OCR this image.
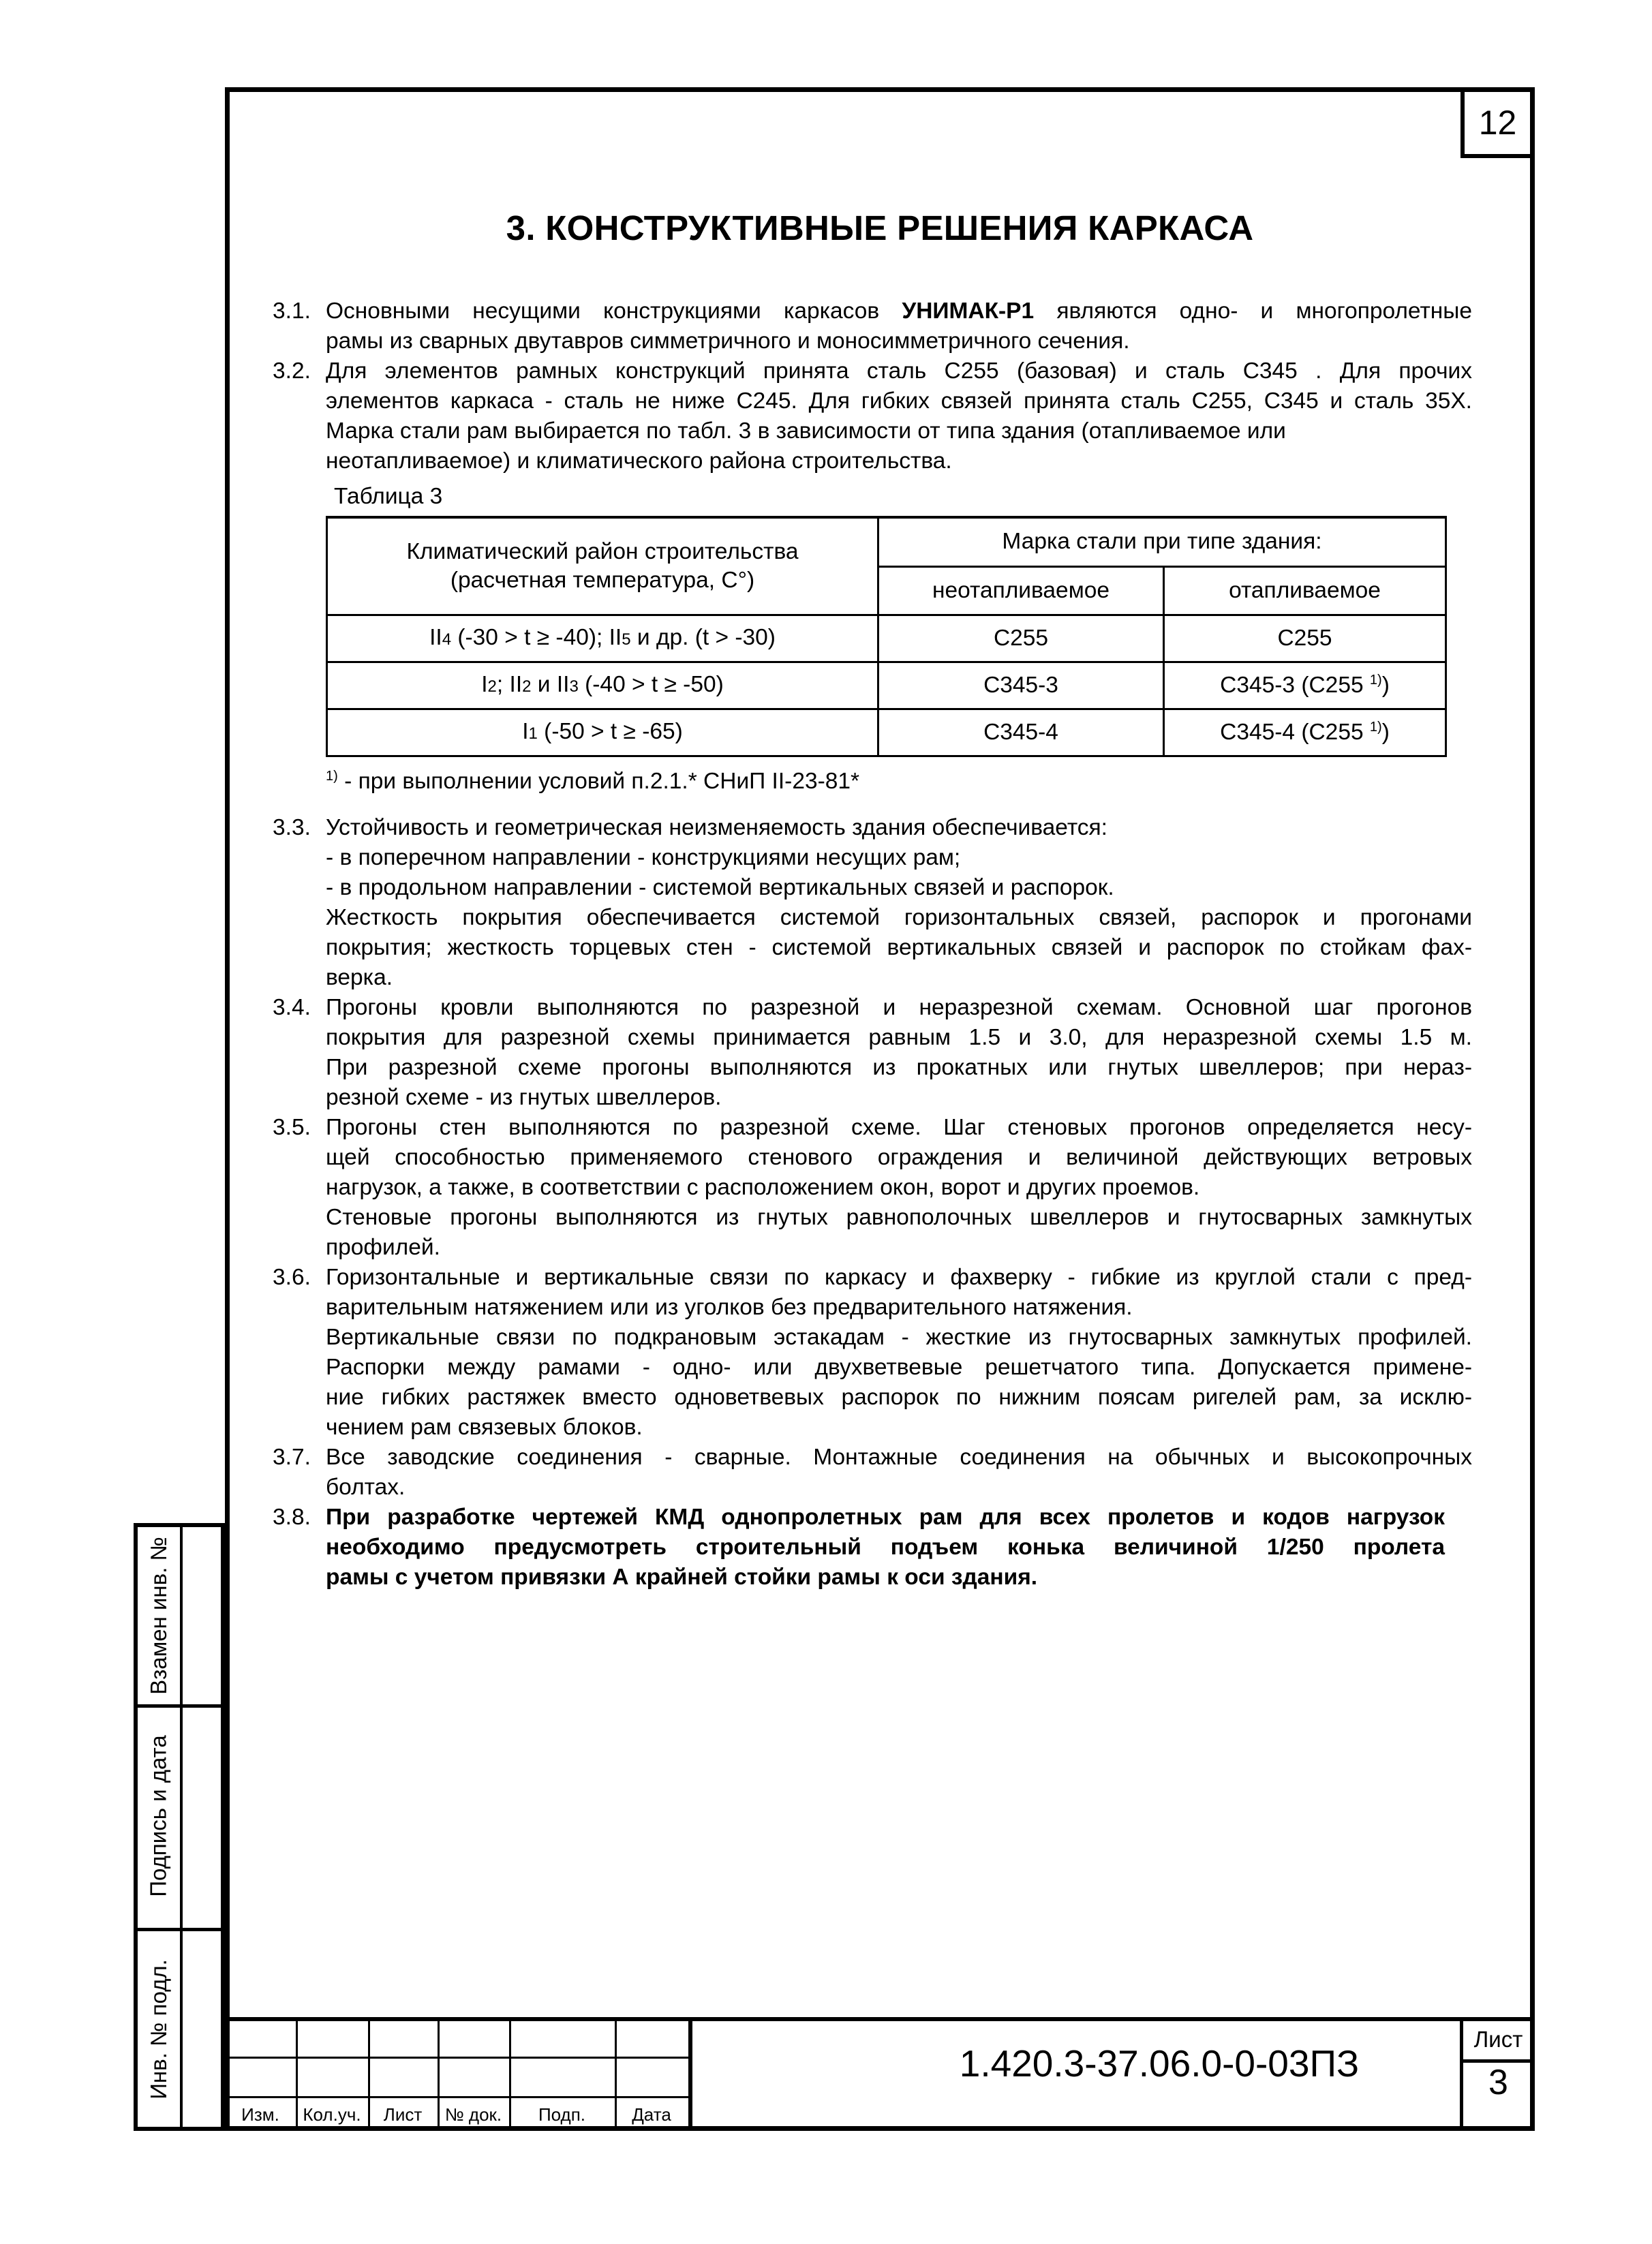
12
3. КОНСТРУКТИВНЫЕ РЕШЕНИЯ КАРКАСА
3.1. Основными несущими конструкциями каркасов УНИМАК-Р1 являются одно- и многопролетные
рамы из сварных двутавров симметричного и моносимметричного сечения.
3.2. Для элементов рамных конструкций принята сталь С255 (базовая) и сталь С345 . Для прочих
элементов каркаса - сталь не ниже С245. Для гибких связей принята сталь С255, С345 и сталь 35Х.
Марка стали рам выбирается по табл. 3 в зависимости от типа здания (отапливаемое или
неотапливаемое) и климатического района строительства.
Таблица 3
Климатический район строительства
(расчетная температура, С°)	Марка стали при типе здания:	
	неотапливаемое	отапливаемое
II4 (-30 > t ≥ -40); II5 и др. (t > -30)	С255	С255
I2; II2 и II3 (-40 > t ≥ -50)	С345-3	С345-3 (С255 $^{1)}$)
I1 (-50 > t ≥ -65)	С345-4	С345-4 (С255 $^{1)}$)
$^{1)}$ - при выполнении условий п.2.1.* СНиП II-23-81*
3.3. Устойчивость и геометрическая неизменяемость здания обеспечивается:
- в поперечном направлении - конструкциями несущих рам;
- в продольном направлении - системой вертикальных связей и распорок.
Жесткость покрытия обеспечивается системой горизонтальных связей, распорок и прогонами
покрытия; жесткость торцевых стен - системой вертикальных связей и распорок по стойкам фах-
верка.
3.4. Прогоны кровли выполняются по разрезной и неразрезной схемам. Основной шаг прогонов
покрытия для разрезной схемы принимается равным 1.5 и 3.0, для неразрезной схемы 1.5 м.
При разрезной схеме прогоны выполняются из прокатных или гнутых швеллеров; при нерaз-
резной схеме - из гнутых швеллеров.
3.5. Прогоны стен выполняются по разрезной схеме. Шаг стеновых прогонов определяется несу-
щей способностью применяемого стенового ограждения и величиной действующих ветровых
нагрузок, а также, в соответствии с расположением окон, ворот и других проемов.
Стеновые прогоны выполняются из гнутых равнополочных швеллеров и гнутосварных замкнутых
профилей.
3.6. Горизонтальные и вертикальные связи по каркасу и фахверку - гибкие из круглой стали с пред-
варительным натяжением или из уголков без предварительного натяжения.
Вертикальные связи по подкрановым эстакадам - жесткие из гнутосварных замкнутых профилей.
Распорки между рамами - одно- или двухветвевые решетчатого типа. Допускается примене-
ние гибких растяжек вместо одноветвевых распорок по нижним поясам ригелей рам, за исклю-
чением рам связевых блоков.
3.7. Все заводские соединения - сварные. Монтажные соединения на обычных и высокопрочных
болтах.
3.8. При разработке чертежей КМД однопролетных рам для всех пролетов и кодов нагрузок
необходимо предусмотреть строительный подъем конька величиной 1/250 пролета
рамы с учетом привязки А крайней стойки рамы к оси здания.
Взамен инв. №
Подпись и дата
Инв. № подл.
Изм.	Кол.уч.	Лист	№ док.	Подп.	Дата
1.420.3-37.06.0-0-03ПЗ
Лист
3
